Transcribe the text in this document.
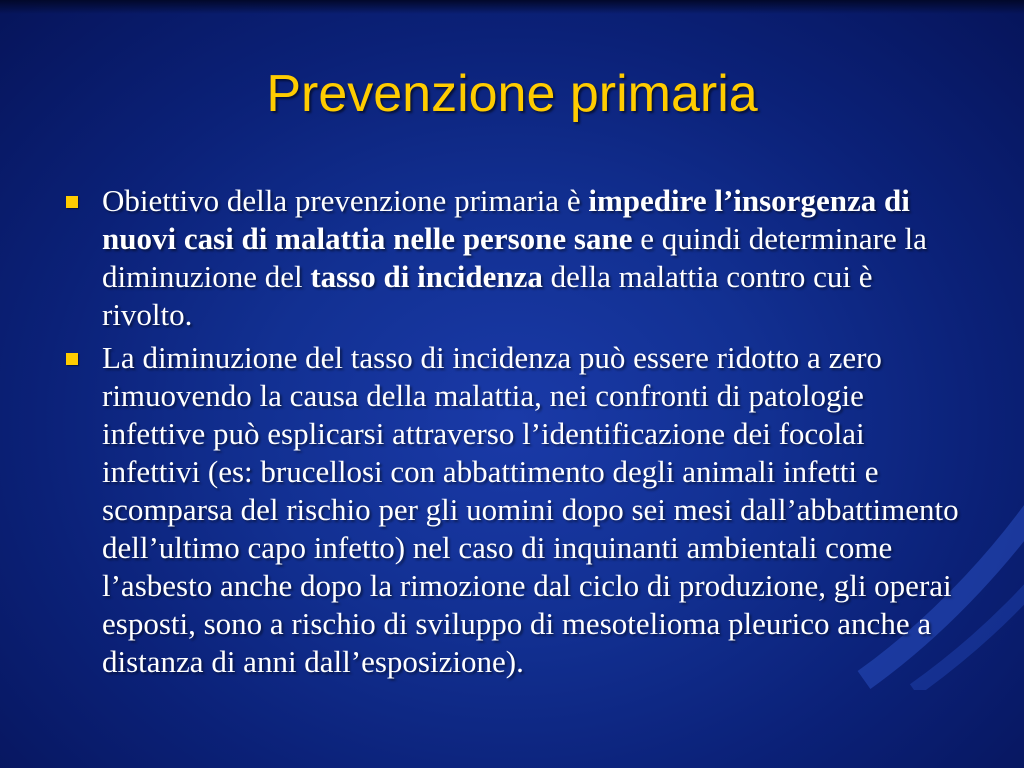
Prevenzione primaria
Obiettivo della prevenzione primaria è impedire l’insorgenza di nuovi casi di malattia nelle persone sane e quindi determinare la diminuzione del tasso di incidenza della malattia contro cui è rivolto.
La diminuzione del tasso di incidenza può essere ridotto a zero rimuovendo la causa della malattia, nei confronti di patologie infettive può esplicarsi attraverso l’identificazione dei focolai infettivi (es: brucellosi con abbattimento degli animali infetti e scomparsa del rischio per gli uomini dopo sei mesi dall’abbattimento dell’ultimo capo infetto) nel caso di inquinanti ambientali come l’asbesto anche dopo la rimozione dal ciclo di produzione, gli operai esposti, sono a rischio di sviluppo di mesotelioma pleurico anche a distanza di anni dall’esposizione).
